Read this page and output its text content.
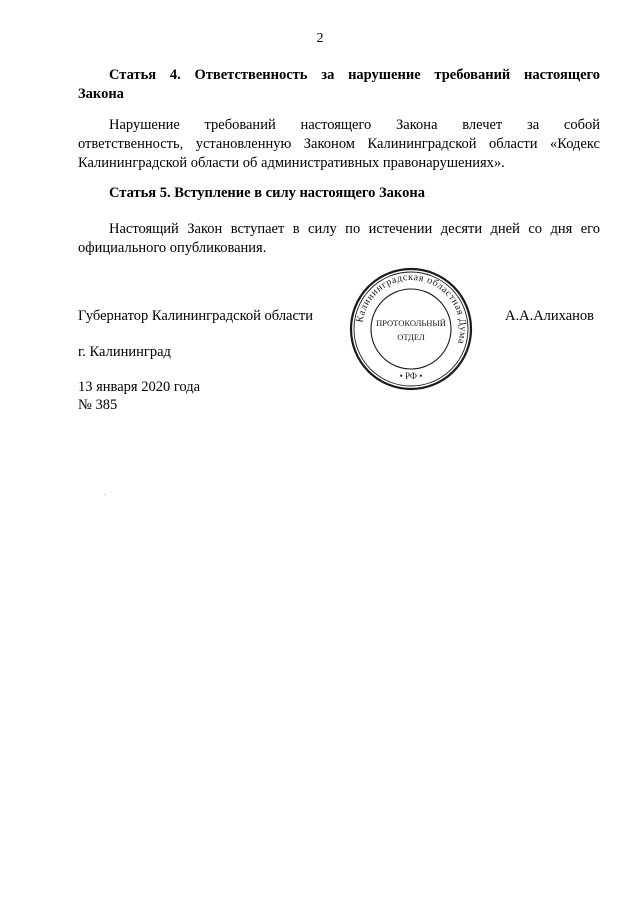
2
Статья 4. Ответственность за нарушение требований настоящего
Закона
Нарушение требований настоящего Закона влечет за собой
ответственность, установленную Законом Калининградской области «Кодекс
Калининградской области об административных правонарушениях».
Статья 5. Вступление в силу настоящего Закона
Настоящий Закон вступает в силу по истечении десяти дней со дня его
официального опубликования.
Губернатор Калининградской области	А.А.Алиханов
г. Калининград
13 января 2020 года
№ 385
Калининградская областная Дума
ПРОТОКОЛЬНЫЙ
ОТДЕЛ
• РФ •
